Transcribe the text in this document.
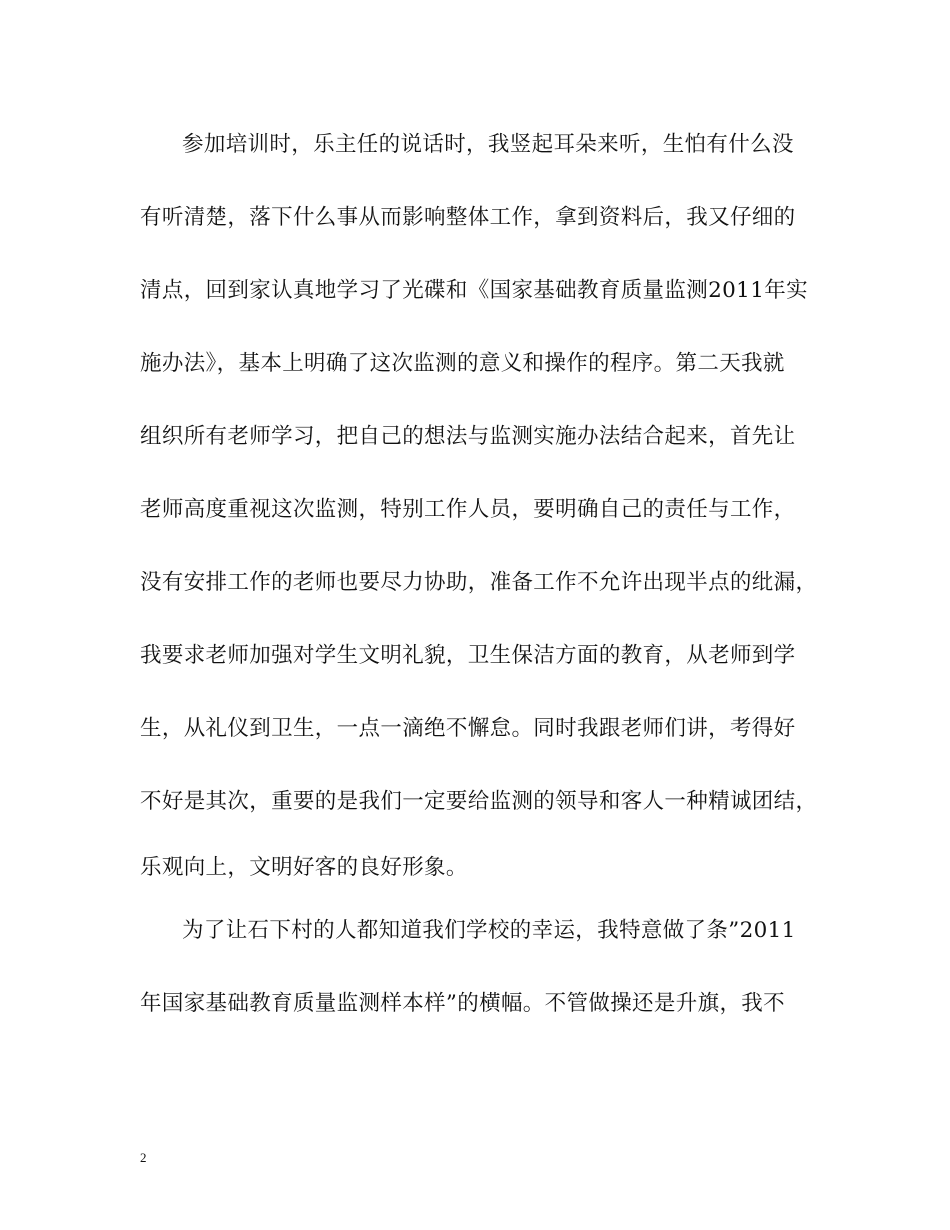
参加培训时，乐主任的说话时，我竖起耳朵来听，生怕有什么没
有听清楚，落下什么事从而影响整体工作，拿到资料后，我又仔细的
清点，回到家认真地学习了光碟和《国家基础教育质量监测2011年实
施办法》，基本上明确了这次监测的意义和操作的程序。第二天我就
组织所有老师学习，把自己的想法与监测实施办法结合起来，首先让
老师高度重视这次监测，特别工作人员，要明确自己的责任与工作，
没有安排工作的老师也要尽力协助，准备工作不允许出现半点的纰漏，
我要求老师加强对学生文明礼貌，卫生保洁方面的教育，从老师到学
生，从礼仪到卫生，一点一滴绝不懈怠。同时我跟老师们讲，考得好
不好是其次，重要的是我们一定要给监测的领导和客人一种精诚团结，
乐观向上，文明好客的良好形象。
为了让石下村的人都知道我们学校的幸运，我特意做了条”2011
年国家基础教育质量监测样本样”的横幅。不管做操还是升旗，我不
2
